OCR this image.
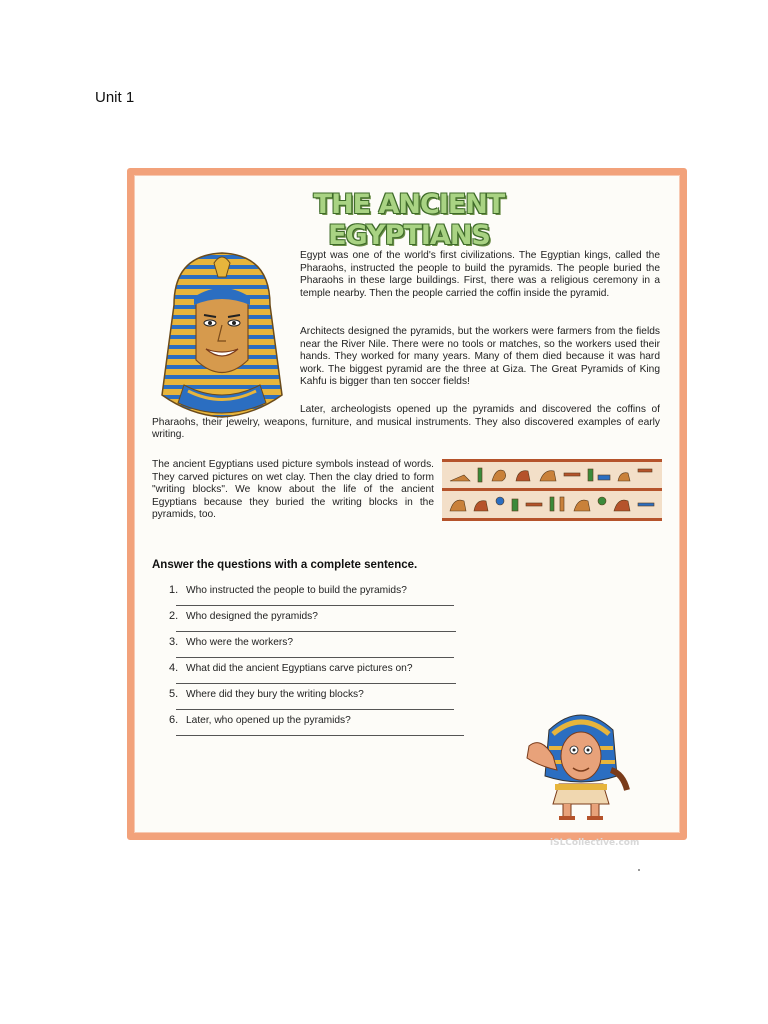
Unit 1
THE ANCIENT EGYPTIANS
Egypt was one of the world's first civilizations. The Egyptian kings, called the Pharaohs, instructed the people to build the pyramids. The people buried the Pharaohs in these large buildings. First, there was a religious ceremony in a temple nearby. Then the people carried the coffin inside the pyramid.
Architects designed the pyramids, but the workers were farmers from the fields near the River Nile. There were no tools or matches, so the workers used their hands. They worked for many years. Many of them died because it was hard work. The biggest pyramid are the three at Giza. The Great Pyramids of King Kahfu is bigger than ten soccer fields!
Later, archeologists opened up the pyramids and discovered the coffins of Pharaohs, their jewelry, weapons, furniture, and musical instruments. They also discovered examples of early writing.
The ancient Egyptians used picture symbols instead of words. They carved pictures on wet clay. Then the clay dried to form "writing blocks". We know about the life of the ancient Egyptians because they buried the writing blocks in the pyramids, too.
Answer the questions with a complete sentence.
1. Who instructed the people to build the pyramids?
2. Who designed the pyramids?
3. Who were the workers?
4. What did the ancient Egyptians carve pictures on?
5. Where did they bury the writing blocks?
6. Later, who opened up the pyramids?
iSLCollective.com
